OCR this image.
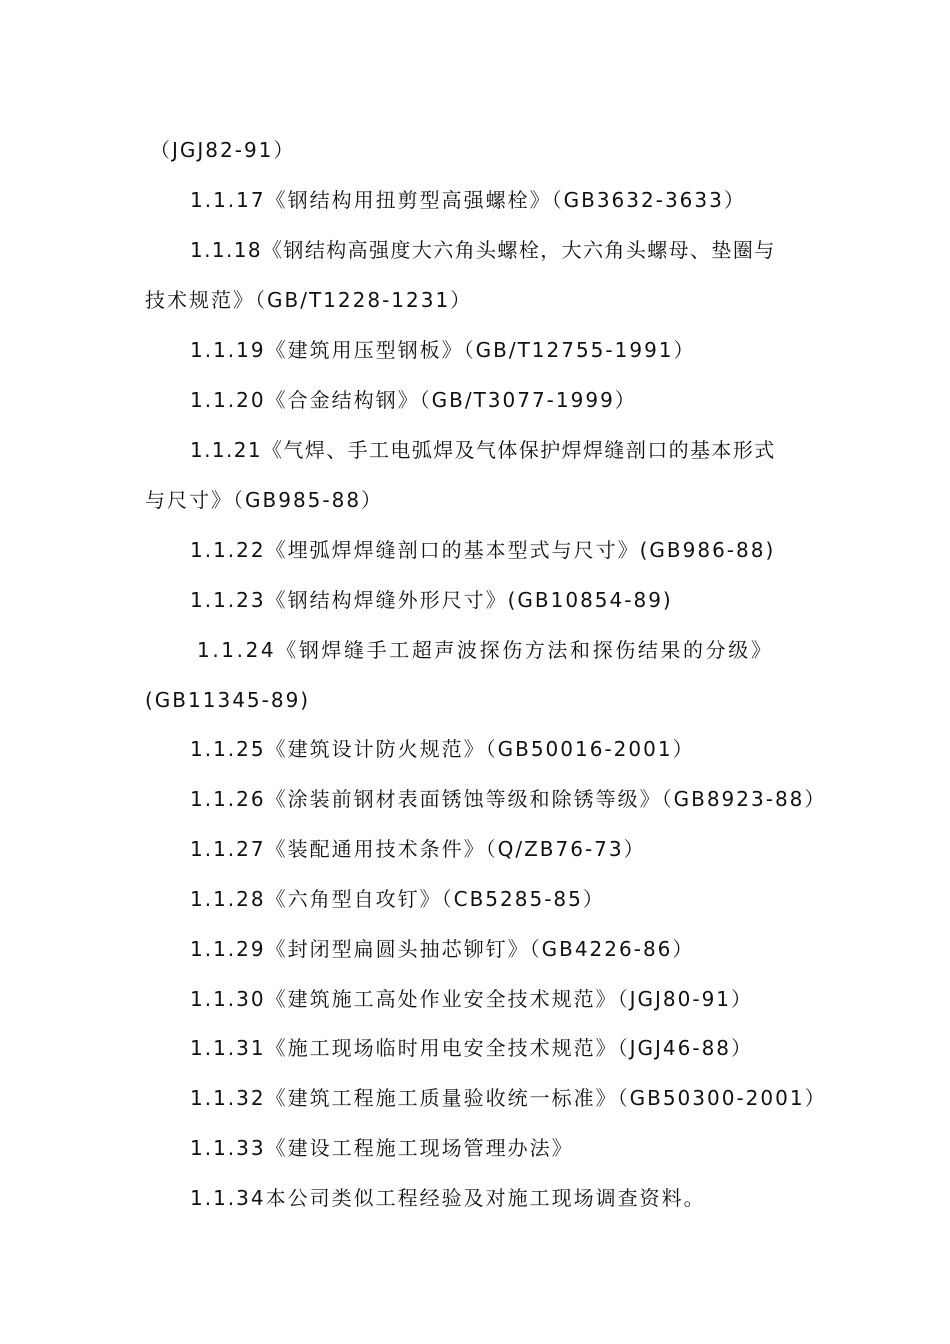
（JGJ82-91）
1.1.17《钢结构用扭剪型高强螺栓》（GB3632-3633）
1.1.18《钢结构高强度大六角头螺栓，大六角头螺母、垫圈与
技术规范》（GB/T1228-1231）
1.1.19《建筑用压型钢板》（GB/T12755-1991）
1.1.20《合金结构钢》（GB/T3077-1999）
1.1.21《气焊、手工电弧焊及气体保护焊焊缝剖口的基本形式
与尺寸》（GB985-88）
1.1.22《埋弧焊焊缝剖口的基本型式与尺寸》(GB986-88)
1.1.23《钢结构焊缝外形尺寸》(GB10854-89)
1.1.24《钢焊缝手工超声波探伤方法和探伤结果的分级》
(GB11345-89)
1.1.25《建筑设计防火规范》（GB50016-2001）
1.1.26《涂装前钢材表面锈蚀等级和除锈等级》（GB8923-88）
1.1.27《装配通用技术条件》（Q/ZB76-73）
1.1.28《六角型自攻钉》（CB5285-85）
1.1.29《封闭型扁圆头抽芯铆钉》（GB4226-86）
1.1.30《建筑施工高处作业安全技术规范》（JGJ80-91）
1.1.31《施工现场临时用电安全技术规范》（JGJ46-88）
1.1.32《建筑工程施工质量验收统一标准》（GB50300-2001）
1.1.33《建设工程施工现场管理办法》
1.1.34本公司类似工程经验及对施工现场调查资料。
